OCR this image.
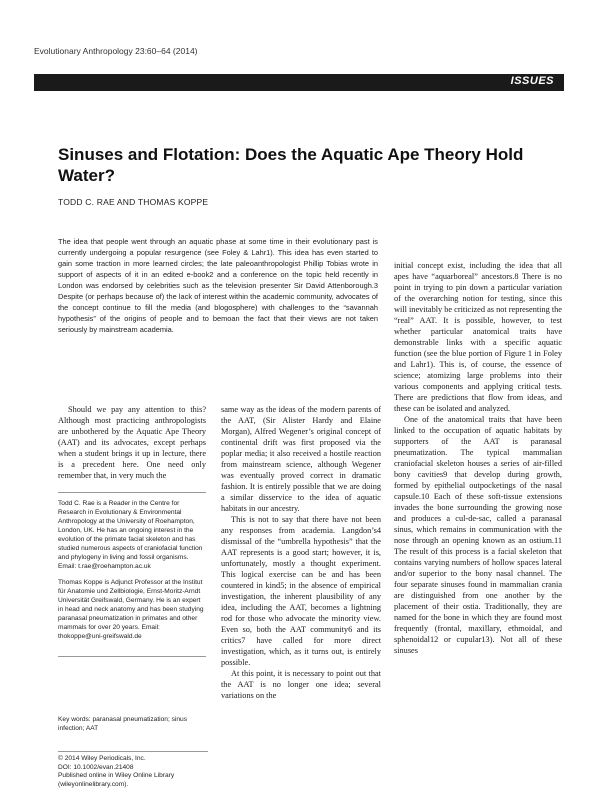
Evolutionary Anthropology 23:60–64 (2014)
ISSUES
Sinuses and Flotation: Does the Aquatic Ape Theory Hold Water?
TODD C. RAE AND THOMAS KOPPE

The idea that people went through an aquatic phase at some time in their evolutionary past is currently undergoing a popular resurgence (see Foley & Lahr1). This idea has even started to gain some traction in more learned circles; the late paleoanthropologist Phillip Tobias wrote in support of aspects of it in an edited e-book2 and a conference on the topic held recently in London was endorsed by celebrities such as the television presenter Sir David Attenborough.3 Despite (or perhaps because of) the lack of interest within the academic community, advocates of the concept continue to fill the media (and blogosphere) with challenges to the “savannah hypothesis” of the origins of people and to bemoan the fact that their views are not taken seriously by mainstream academia.

Should we pay any attention to this? Although most practicing anthropologists are unbothered by the Aquatic Ape Theory (AAT) and its advocates, except perhaps when a student brings it up in lecture, there is a precedent here. One need only remember that, in very much the

Todd C. Rae is a Reader in the Centre for Research in Evolutionary & Environmental Anthropology at the University of Roehampton, London, UK. He has an ongoing interest in the evolution of the primate facial skeleton and has studied numerous aspects of craniofacial function and phylogeny in living and fossil organisms. Email: t.rae@roehampton.ac.uk

Thomas Koppe is Adjunct Professor at the Institut für Anatomie und Zellbiologie, Ernst-Moritz-Arndt Universität Greifswald, Germany. He is an expert in head and neck anatomy and has been studying paranasal pneumatization in primates and other mammals for over 20 years. Email: thokoppe@uni-greifswald.de

Key words: paranasal pneumatization; sinus infection; AAT

© 2014 Wiley Periodicals, Inc.
DOI: 10.1002/evan.21408
Published online in Wiley Online Library
(wileyonlinelibrary.com).

same way as the ideas of the modern parents of the AAT, (Sir Alister Hardy and Elaine Morgan), Alfred Wegener’s original concept of continental drift was first proposed via the poplar media; it also received a hostile reaction from mainstream science, although Wegener was eventually proved correct in dramatic fashion. It is entirely possible that we are doing a similar disservice to the idea of aquatic habitats in our ancestry.

This is not to say that there have not been any responses from academia. Langdon’s4 dismissal of the “umbrella hypothesis” that the AAT represents is a good start; however, it is, unfortunately, mostly a thought experiment. This logical exercise can be and has been countered in kind5; in the absence of empirical investigation, the inherent plausibility of any idea, including the AAT, becomes a lightning rod for those who advocate the minority view. Even so, both the AAT community6 and its critics7 have called for more direct investigation, which, as it turns out, is entirely possible.

At this point, it is necessary to point out that the AAT is no longer one idea; several variations on the

initial concept exist, including the idea that all apes have “aquarboreal” ancestors.8 There is no point in trying to pin down a particular variation of the overarching notion for testing, since this will inevitably be criticized as not representing the “real” AAT. It is possible, however, to test whether particular anatomical traits have demonstrable links with a specific aquatic function (see the blue portion of Figure 1 in Foley and Lahr1). This is, of course, the essence of science; atomizing large problems into their various components and applying critical tests. There are predictions that flow from ideas, and these can be isolated and analyzed.

One of the anatomical traits that have been linked to the occupation of aquatic habitats by supporters of the AAT is paranasal pneumatization. The typical mammalian craniofacial skeleton houses a series of air-filled bony cavities9 that develop during growth, formed by epithelial outpocketings of the nasal capsule.10 Each of these soft-tissue extensions invades the bone surrounding the growing nose and produces a cul-de-sac, called a paranasal sinus, which remains in communication with the nose through an opening known as an ostium.11 The result of this process is a facial skeleton that contains varying numbers of hollow spaces lateral and/or superior to the bony nasal channel. The four separate sinuses found in mammalian crania are distinguished from one another by the placement of their ostia. Traditionally, they are named for the bone in which they are found most frequently (frontal, maxillary, ethmoidal, and sphenoidal12 or cupular13). Not all of these sinuses
